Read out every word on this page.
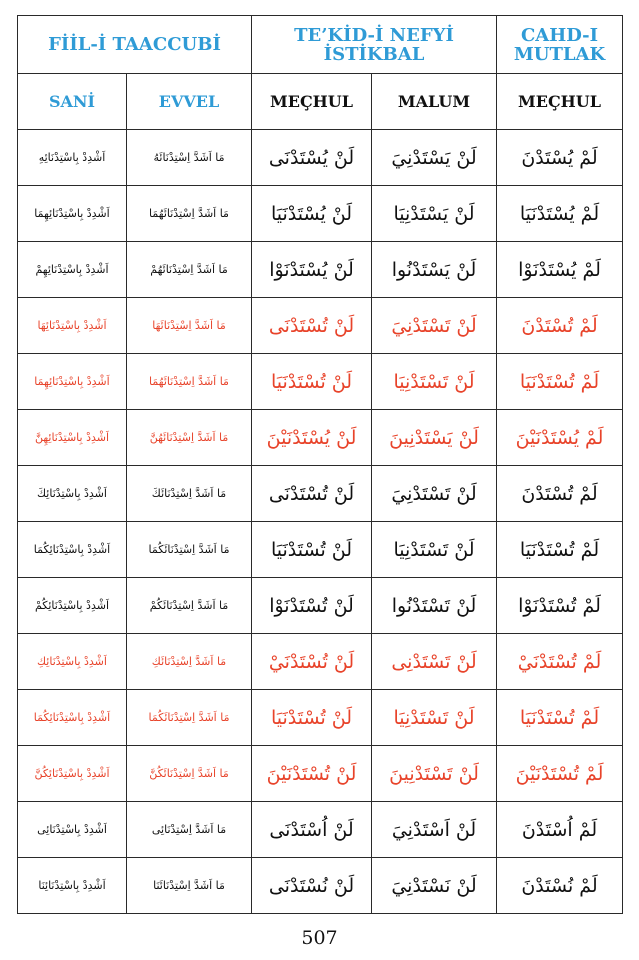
FİİL-İ TAACCUBİ		TE’KİD-İ NEFYİ İSTİKBAL		CAHD-I MUTLAK
SANİ	EVVEL	MEÇHUL	MALUM	MEÇHUL
اَشْدِدْ بِاسْتِدْنَائِهِ	مَا اَشَدَّ اِسْتِدْنَائَهُ	لَنْ يُسْتَدْنَى	لَنْ يَسْتَدْنِيَ	لَمْ يُسْتَدْنَ
اَشْدِدْ بِاسْتِدْنَائِهِمَا	مَا اَشَدَّ اِسْتِدْنَائَهُمَا	لَنْ يُسْتَدْنَيَا	لَنْ يَسْتَدْنِيَا	لَمْ يُسْتَدْنَيَا
اَشْدِدْ بِاسْتِدْنَائِهِمْ	مَا اَشَدَّ اِسْتِدْنَائَهُمْ	لَنْ يُسْتَدْنَوْا	لَنْ يَسْتَدْنُوا	لَمْ يُسْتَدْنَوْا
اَشْدِدْ بِاسْتِدْنَائِهَا	مَا اَشَدَّ اِسْتِدْنَائَهَا	لَنْ تُسْتَدْنَى	لَنْ تَسْتَدْنِيَ	لَمْ تُسْتَدْنَ
اَشْدِدْ بِاسْتِدْنَائِهِمَا	مَا اَشَدَّ اِسْتِدْنَائَهُمَا	لَنْ تُسْتَدْنَيَا	لَنْ تَسْتَدْنِيَا	لَمْ تُسْتَدْنَيَا
اَشْدِدْ بِاسْتِدْنَائِهِنَّ	مَا اَشَدَّ اِسْتِدْنَائَهُنَّ	لَنْ يُسْتَدْنَيْنَ	لَنْ يَسْتَدْنِينَ	لَمْ يُسْتَدْنَيْنَ
اَشْدِدْ بِاسْتِدْنَائِكَ	مَا اَشَدَّ اِسْتِدْنَائَكَ	لَنْ تُسْتَدْنَى	لَنْ تَسْتَدْنِيَ	لَمْ تُسْتَدْنَ
اَشْدِدْ بِاسْتِدْنَائِكُمَا	مَا اَشَدَّ اِسْتِدْنَائَكُمَا	لَنْ تُسْتَدْنَيَا	لَنْ تَسْتَدْنِيَا	لَمْ تُسْتَدْنَيَا
اَشْدِدْ بِاسْتِدْنَائِكُمْ	مَا اَشَدَّ اِسْتِدْنَائَكُمْ	لَنْ تُسْتَدْنَوْا	لَنْ تَسْتَدْنُوا	لَمْ تُسْتَدْنَوْا
اَشْدِدْ بِاسْتِدْنَائِكِ	مَا اَشَدَّ اِسْتِدْنَائَكِ	لَنْ تُسْتَدْنَيْ	لَنْ تَسْتَدْنِى	لَمْ تُسْتَدْنَيْ
اَشْدِدْ بِاسْتِدْنَائِكُمَا	مَا اَشَدَّ اِسْتِدْنَائَكُمَا	لَنْ تُسْتَدْنَيَا	لَنْ تَسْتَدْنِيَا	لَمْ تُسْتَدْنَيَا
اَشْدِدْ بِاسْتِدْنَائِكُنَّ	مَا اَشَدَّ اِسْتِدْنَائَكُنَّ	لَنْ تُسْتَدْنَيْنَ	لَنْ تَسْتَدْنِينَ	لَمْ تُسْتَدْنَيْنَ
اَشْدِدْ بِاسْتِدْنَائِى	مَا اَشَدَّ اِسْتِدْنَائِى	لَنْ اُسْتَدْنَى	لَنْ اَسْتَدْنِيَ	لَمْ اُسْتَدْنَ
اَشْدِدْ بِاسْتِدْنَائِنَا	مَا اَشَدَّ اِسْتِدْنَائَنَا	لَنْ نُسْتَدْنَى	لَنْ نَسْتَدْنِيَ	لَمْ نُسْتَدْنَ
507
